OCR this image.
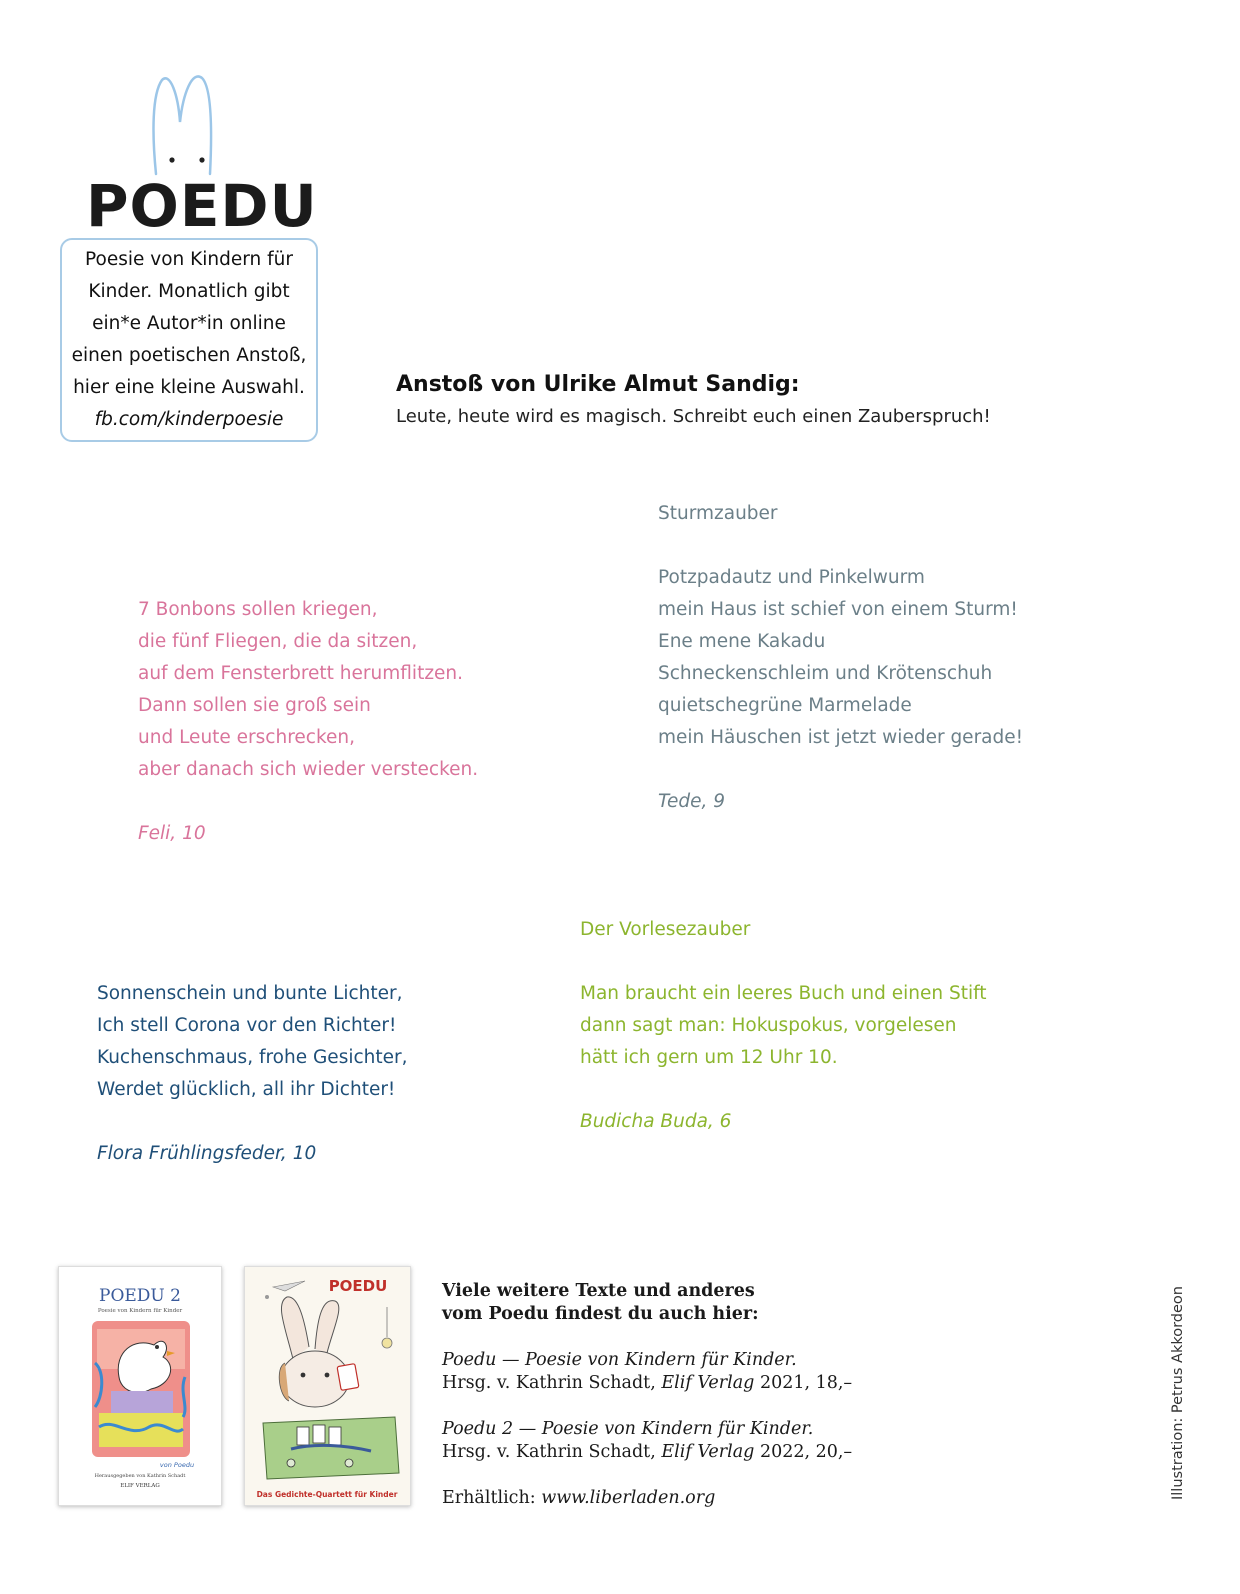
POEDU
Poesie von Kindern für
Kinder. Monatlich gibt
ein*e Autor*in online
einen poetischen Anstoß,
hier eine kleine Auswahl.
fb.com/kinderpoesie
Anstoß von Ulrike Almut Sandig:
Leute, heute wird es magisch. Schreibt euch einen Zauberspruch!
7 Bonbons sollen kriegen,
die fünf Fliegen, die da sitzen,
auf dem Fensterbrett herumflitzen.
Dann sollen sie groß sein
und Leute erschrecken,
aber danach sich wieder verstecken.
Feli, 10
Sturmzauber
Potzpadautz und Pinkelwurm
mein Haus ist schief von einem Sturm!
Ene mene Kakadu
Schneckenschleim und Krötenschuh
quietschegrüne Marmelade
mein Häuschen ist jetzt wieder gerade!
Tede, 9
Sonnenschein und bunte Lichter,
Ich stell Corona vor den Richter!
Kuchenschmaus, frohe Gesichter,
Werdet glücklich, all ihr Dichter!
Flora Frühlingsfeder, 10
Der Vorlesezauber
Man braucht ein leeres Buch und einen Stift
dann sagt man: Hokuspokus, vorgelesen
hätt ich gern um 12 Uhr 10.
Budicha Buda, 6
POEDU 2
Poesie von Kindern für Kinder
von Poedu
Herausgegeben von Kathrin Schadt
ELIF VERLAG
POEDU
Das Gedichte-Quartett für Kinder
Viele weitere Texte und anderes
vom Poedu findest du auch hier:
Poedu — Poesie von Kindern für Kinder.
Hrsg. v. Kathrin Schadt, Elif Verlag 2021, 18,–
Poedu 2 — Poesie von Kindern für Kinder.
Hrsg. v. Kathrin Schadt, Elif Verlag 2022, 20,–
Erhältlich: www.liberladen.org	Illustration: Petrus Akkordeon
